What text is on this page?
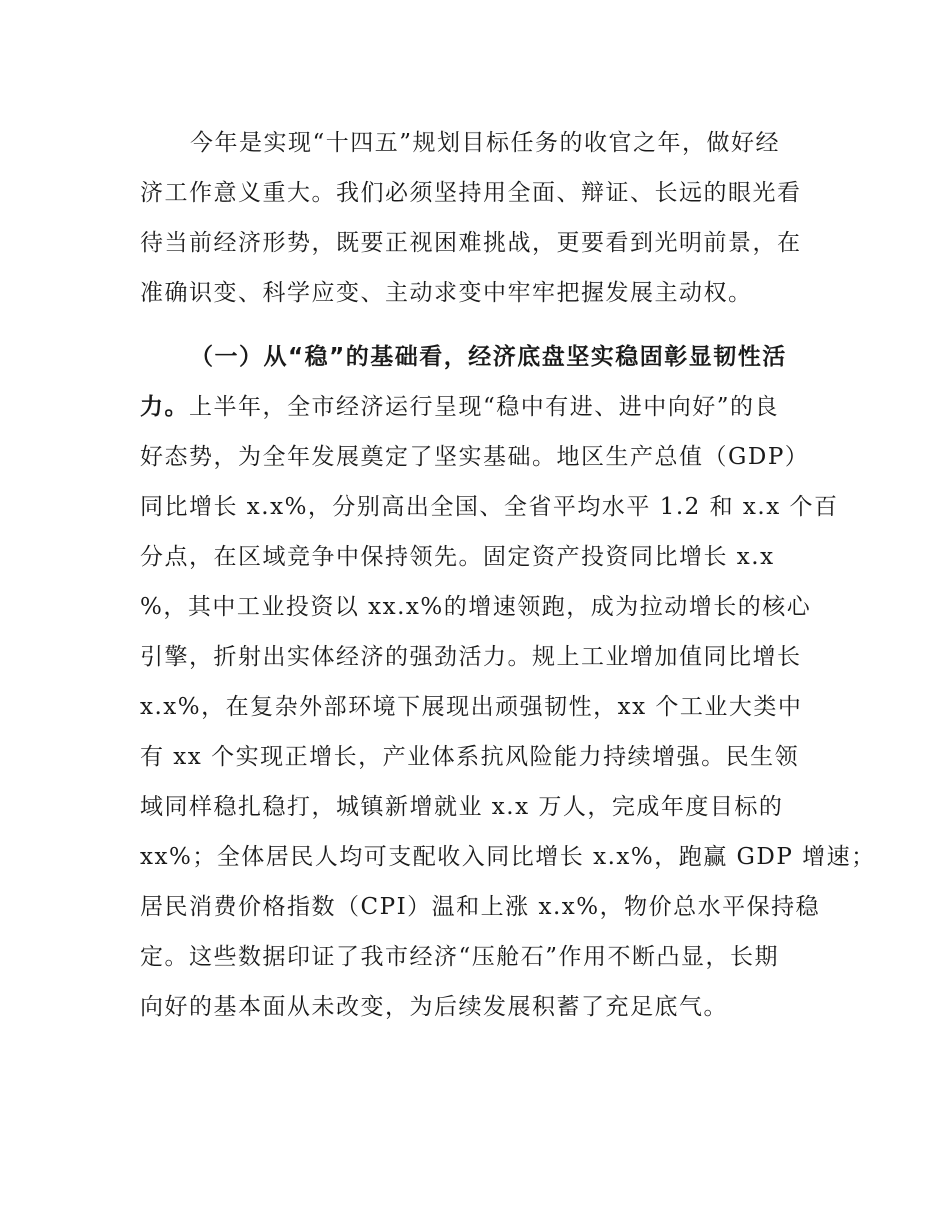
今年是实现“十四五”规划目标任务的收官之年，做好经
济工作意义重大。我们必须坚持用全面、辩证、长远的眼光看
待当前经济形势，既要正视困难挑战，更要看到光明前景，在
准确识变、科学应变、主动求变中牢牢把握发展主动权。
（一）从“稳”的基础看，经济底盘坚实稳固彰显韧性活
力。上半年，全市经济运行呈现“稳中有进、进中向好”的良
好态势，为全年发展奠定了坚实基础。地区生产总值（GDP）
同比增长 x.x%，分别高出全国、全省平均水平 1.2 和 x.x 个百
分点，在区域竞争中保持领先。固定资产投资同比增长 x.x
%，其中工业投资以 xx.x%的增速领跑，成为拉动增长的核心
引擎，折射出实体经济的强劲活力。规上工业增加值同比增长
x.x%，在复杂外部环境下展现出顽强韧性，xx 个工业大类中
有 xx 个实现正增长，产业体系抗风险能力持续增强。民生领
域同样稳扎稳打，城镇新增就业 x.x 万人，完成年度目标的
xx%；全体居民人均可支配收入同比增长 x.x%，跑赢 GDP 增速；
居民消费价格指数（CPI）温和上涨 x.x%，物价总水平保持稳
定。这些数据印证了我市经济“压舱石”作用不断凸显，长期
向好的基本面从未改变，为后续发展积蓄了充足底气。
